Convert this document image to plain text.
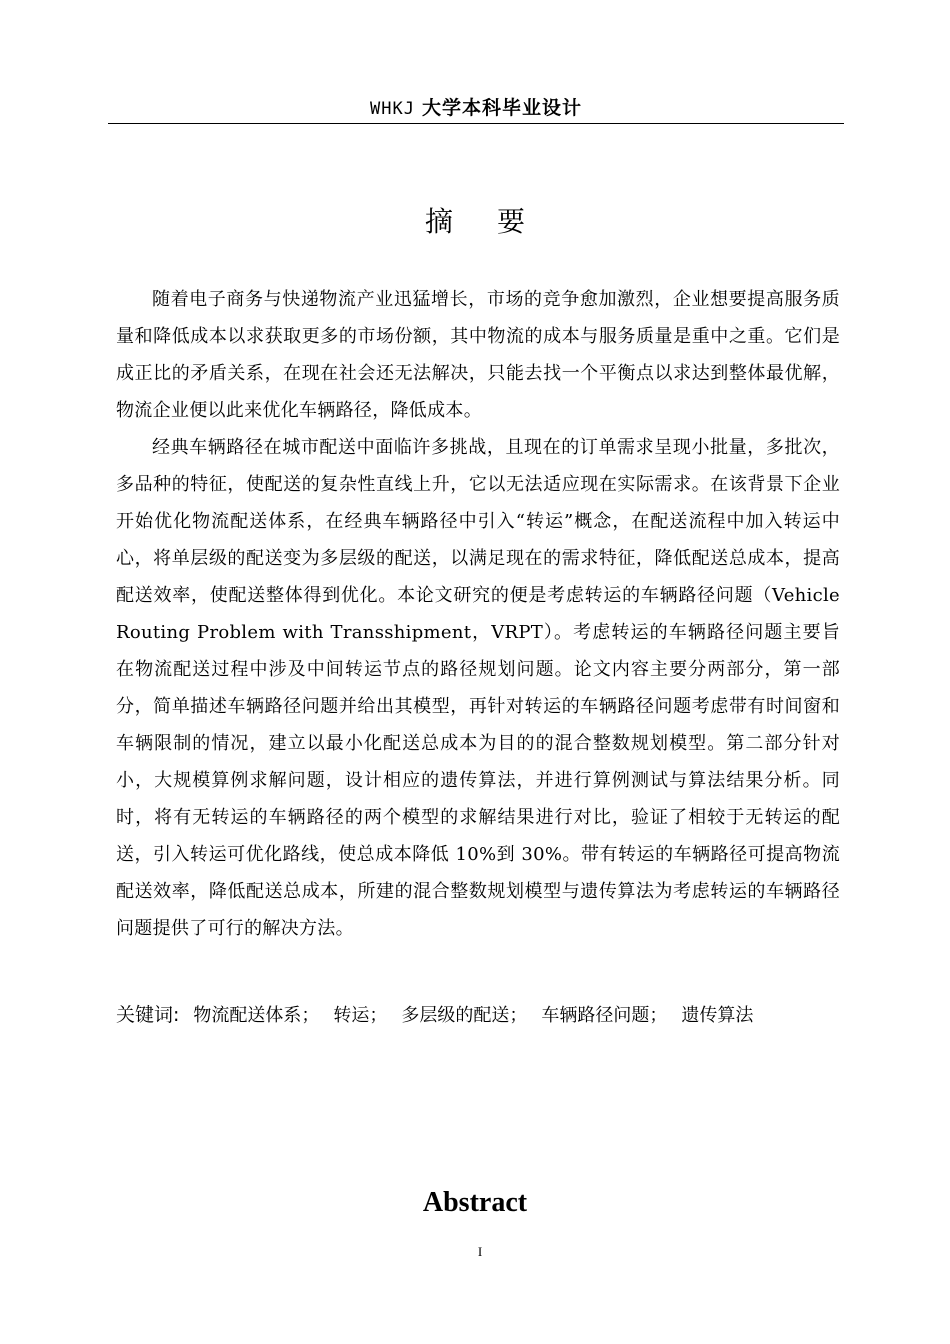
WHKJ 大学本科毕业设计
摘要

随着电子商务与快递物流产业迅猛增长，市场的竞争愈加激烈，企业想要提高服务质量和降低成本以求获取更多的市场份额，其中物流的成本与服务质量是重中之重。它们是成正比的矛盾关系，在现在社会还无法解决，只能去找一个平衡点以求达到整体最优解，物流企业便以此来优化车辆路径，降低成本。

经典车辆路径在城市配送中面临许多挑战，且现在的订单需求呈现小批量，多批次，多品种的特征，使配送的复杂性直线上升，它以无法适应现在实际需求。在该背景下企业开始优化物流配送体系，在经典车辆路径中引入“转运”概念，在配送流程中加入转运中心，将单层级的配送变为多层级的配送，以满足现在的需求特征，降低配送总成本，提高配送效率，使配送整体得到优化。本论文研究的便是考虑转运的车辆路径问题（Vehicle Routing Problem with Transshipment，VRPT）。考虑转运的车辆路径问题主要旨在物流配送过程中涉及中间转运节点的路径规划问题。论文内容主要分两部分，第一部分，简单描述车辆路径问题并给出其模型，再针对转运的车辆路径问题考虑带有时间窗和车辆限制的情况，建立以最小化配送总成本为目的的混合整数规划模型。第二部分针对小，大规模算例求解问题，设计相应的遗传算法，并进行算例测试与算法结果分析。同时，将有无转运的车辆路径的两个模型的求解结果进行对比，验证了相较于无转运的配送，引入转运可优化路线，使总成本降低 10%到 30%。带有转运的车辆路径可提高物流配送效率，降低配送总成本，所建的混合整数规划模型与遗传算法为考虑转运的车辆路径问题提供了可行的解决方法。

关键词: 物流配送体系； 转运； 多层级的配送； 车辆路径问题； 遗传算法
Abstract
I
